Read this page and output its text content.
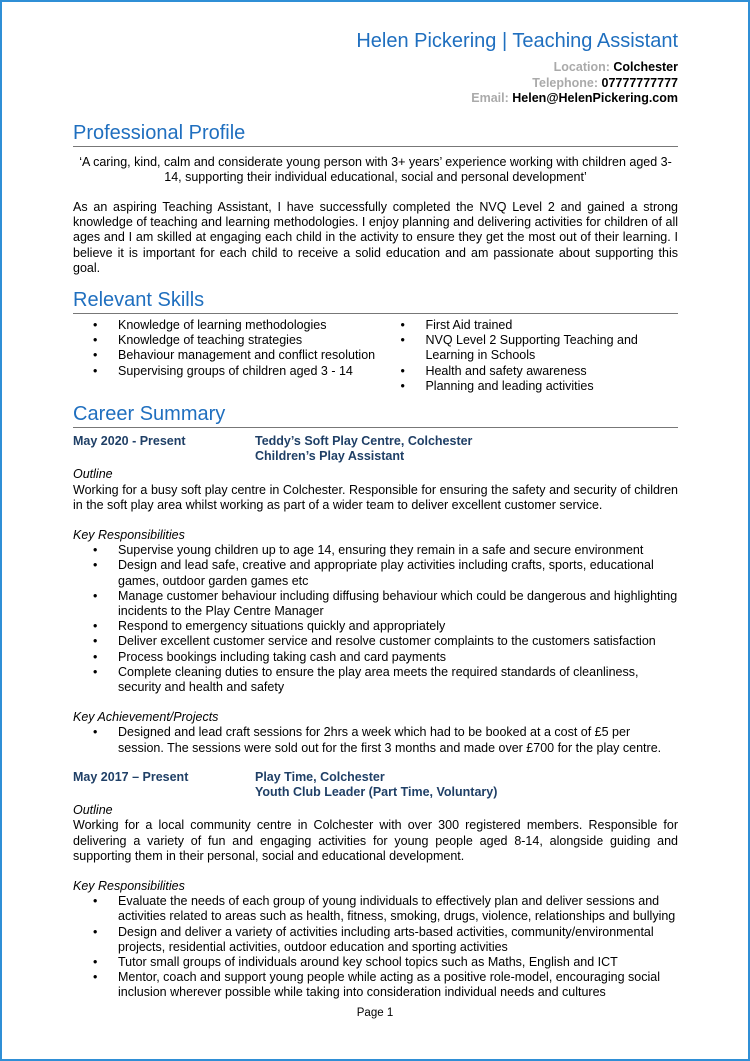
Helen Pickering | Teaching Assistant
Location: Colchester
Telephone: 07777777777
Email: Helen@HelenPickering.com
Professional Profile

‘A caring, kind, calm and considerate young person with 3+ years’ experience working with children aged 3-14, supporting their individual educational, social and personal development’

As an aspiring Teaching Assistant, I have successfully completed the NVQ Level 2 and gained a strong knowledge of teaching and learning methodologies. I enjoy planning and delivering activities for children of all ages and I am skilled at engaging each child in the activity to ensure they get the most out of their learning. I believe it is important for each child to receive a solid education and am passionate about supporting this goal.

Relevant Skills
• Knowledge of learning methodologies
• Knowledge of teaching strategies
• Behaviour management and conflict resolution
• Supervising groups of children aged 3 - 14
• First Aid trained
• NVQ Level 2 Supporting Teaching and Learning in Schools
• Health and safety awareness
• Planning and leading activities
Career Summary
May 2020 - Present	Teddy’s Soft Play Centre, Colchester
Children’s Play Assistant

Outline

Working for a busy soft play centre in Colchester. Responsible for ensuring the safety and security of children in the soft play area whilst working as part of a wider team to deliver excellent customer service.

Key Responsibilities

• Supervise young children up to age 14, ensuring they remain in a safe and secure environment
• Design and lead safe, creative and appropriate play activities including crafts, sports, educational games, outdoor garden games etc
• Manage customer behaviour including diffusing behaviour which could be dangerous and highlighting incidents to the Play Centre Manager
• Respond to emergency situations quickly and appropriately
• Deliver excellent customer service and resolve customer complaints to the customers satisfaction
• Process bookings including taking cash and card payments
• Complete cleaning duties to ensure the play area meets the required standards of cleanliness, security and health and safety

Key Achievement/Projects

• Designed and lead craft sessions for 2hrs a week which had to be booked at a cost of £5 per session. The sessions were sold out for the first 3 months and made over £700 for the play centre.
May 2017 – Present	Play Time, Colchester
Youth Club Leader (Part Time, Voluntary)

Outline

Working for a local community centre in Colchester with over 300 registered members. Responsible for delivering a variety of fun and engaging activities for young people aged 8-14, alongside guiding and supporting them in their personal, social and educational development.

Key Responsibilities

• Evaluate the needs of each group of young individuals to effectively plan and deliver sessions and activities related to areas such as health, fitness, smoking, drugs, violence, relationships and bullying
• Design and deliver a variety of activities including arts-based activities, community/environmental projects, residential activities, outdoor education and sporting activities
• Tutor small groups of individuals around key school topics such as Maths, English and ICT
• Mentor, coach and support young people while acting as a positive role-model, encouraging social inclusion wherever possible while taking into consideration individual needs and cultures
Page 1
